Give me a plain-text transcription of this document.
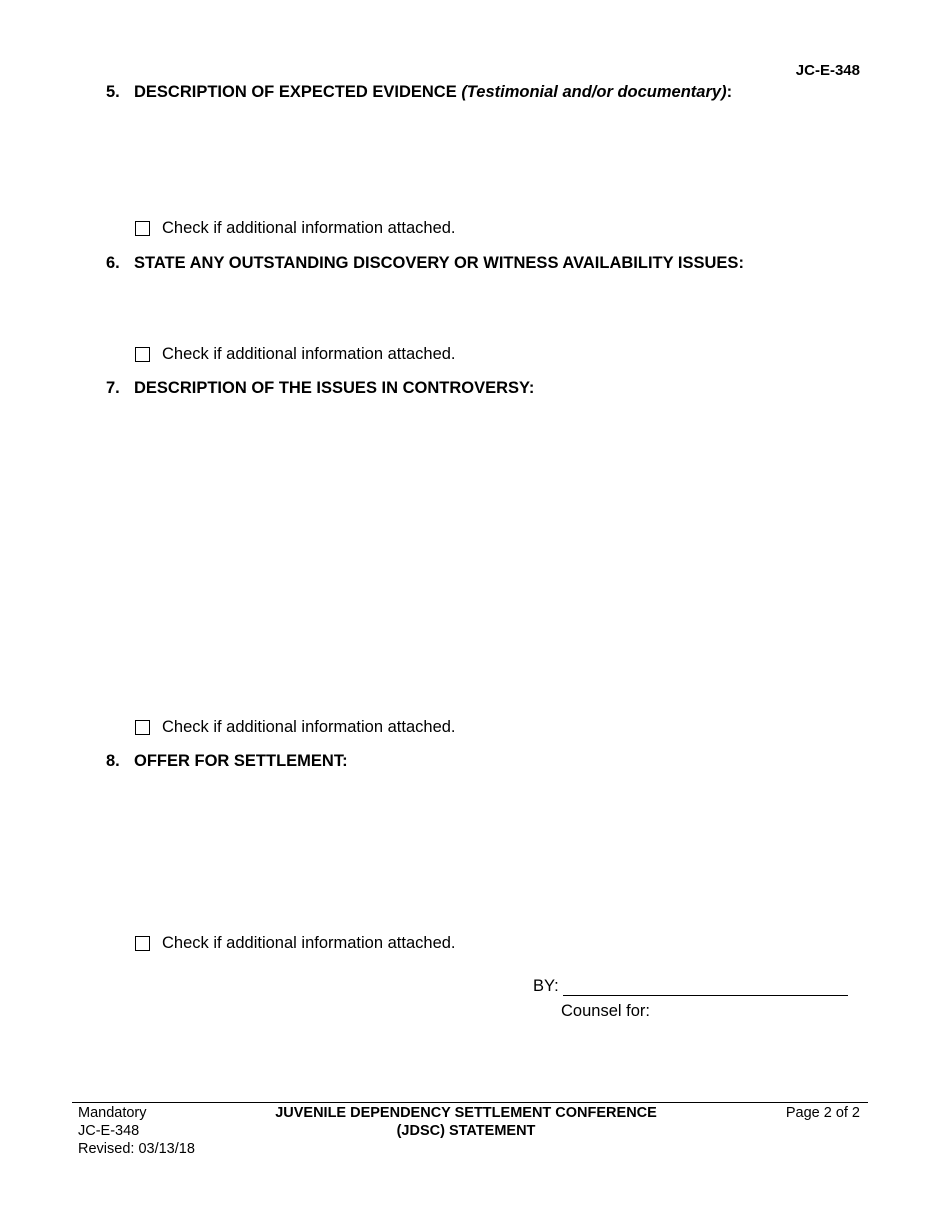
JC-E-348
5. DESCRIPTION OF EXPECTED EVIDENCE (Testimonial and/or documentary):
Check if additional information attached.
6. STATE ANY OUTSTANDING DISCOVERY OR WITNESS AVAILABILITY ISSUES:
Check if additional information attached.
7. DESCRIPTION OF THE ISSUES IN CONTROVERSY:
Check if additional information attached.
8. OFFER FOR SETTLEMENT:
Check if additional information attached.
BY:
Counsel for:
Mandatory
JC-E-348
Revised: 03/13/18
JUVENILE DEPENDENCY SETTLEMENT CONFERENCE
(JDSC) STATEMENT
Page 2 of 2
